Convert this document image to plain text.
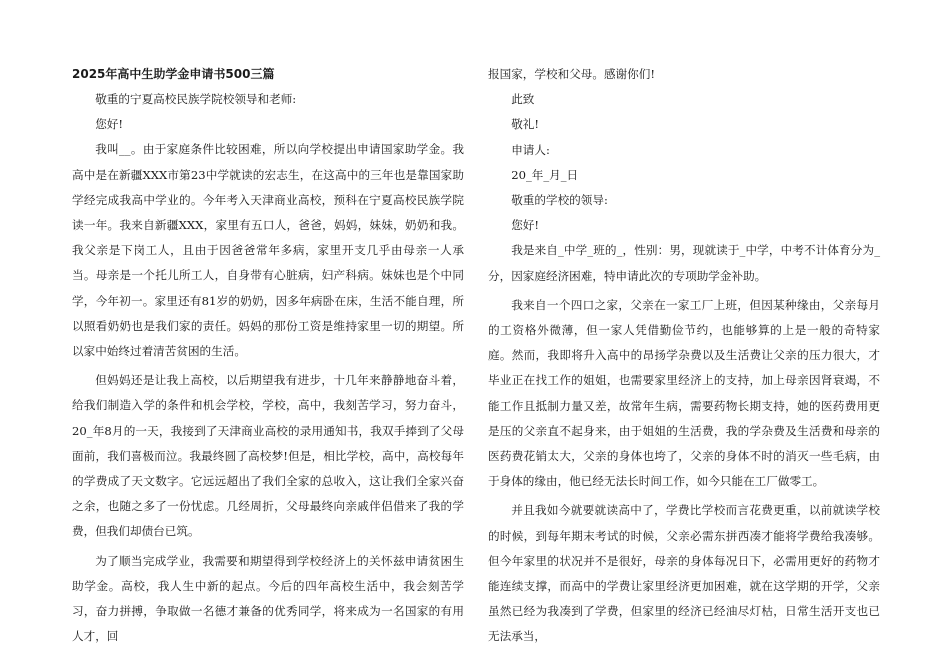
2025年高中生助学金申请书500三篇

敬重的宁夏高校民族学院校领导和老师:

您好!

我叫__。由于家庭条件比较困难，所以向学校提出申请国家助学金。我高中是在新疆XXX市第23中学就读的宏志生，在这高中的三年也是靠国家助学经完成我高中学业的。今年考入天津商业高校，预科在宁夏高校民族学院读一年。我来自新疆XXX，家里有五口人，爸爸，妈妈，妹妹，奶奶和我。我父亲是下岗工人，且由于因爸爸常年多病，家里开支几乎由母亲一人承当。母亲是一个托儿所工人，自身带有心脏病，妇产科病。妹妹也是个中同学，今年初一。家里还有81岁的奶奶，因多年病卧在床，生活不能自理，所以照看奶奶也是我们家的责任。妈妈的那份工资是维持家里一切的期望。所以家中始终过着清苦贫困的生活。

但妈妈还是让我上高校，以后期望我有进步，十几年来静静地奋斗着，给我们制造入学的条件和机会学校，学校，高中，我刻苦学习，努力奋斗，20_年8月的一天，我接到了天津商业高校的录用通知书，我双手捧到了父母面前，我们喜极而泣。我最终圆了高校梦!但是，相比学校，高中，高校每年的学费成了天文数字。它远远超出了我们全家的总收入，这让我们全家兴奋之余，也随之多了一份忧虑。几经周折，父母最终向亲戚伴侣借来了我的学费，但我们却债台已筑。

为了顺当完成学业，我需要和期望得到学校经济上的关怀兹申请贫困生助学金。高校，我人生中新的起点。今后的四年高校生活中，我会刻苦学习，奋力拼搏，争取做一名德才兼备的优秀同学，将来成为一名国家的有用人才，回

报国家，学校和父母。感谢你们!

此致

敬礼!

申请人:

20_年_月_日

敬重的学校的领导:

您好!

我是来自_中学_班的_，性别：男，现就读于_中学，中考不计体育分为_分，因家庭经济困难，特申请此次的专项助学金补助。

我来自一个四口之家，父亲在一家工厂上班，但因某种缘由，父亲每月的工资格外微薄，但一家人凭借勤俭节约，也能够算的上是一般的奇特家庭。然而，我即将升入高中的昂扬学杂费以及生活费让父亲的压力很大，才毕业正在找工作的姐姐，也需要家里经济上的支持，加上母亲因肾衰竭，不能工作且抵制力量又差，故常年生病，需要药物长期支持，她的医药费用更是压的父亲直不起身来，由于姐姐的生活费，我的学杂费及生活费和母亲的医药费花销太大，父亲的身体也垮了，父亲的身体不时的消灭一些毛病，由于身体的缘由，他已经无法长时间工作，如今只能在工厂做零工。

并且我如今就要就读高中了，学费比学校而言花费更重，以前就读学校的时候，到每年期末考试的时候，父亲必需东拼西凑才能将学费给我凑够。但今年家里的状况并不是很好，母亲的身体每况日下，必需用更好的药物才能连续支撑，而高中的学费让家里经济更加困难，就在这学期的开学，父亲虽然已经为我凑到了学费，但家里的经济已经油尽灯枯，日常生活开支也已无法承当，
